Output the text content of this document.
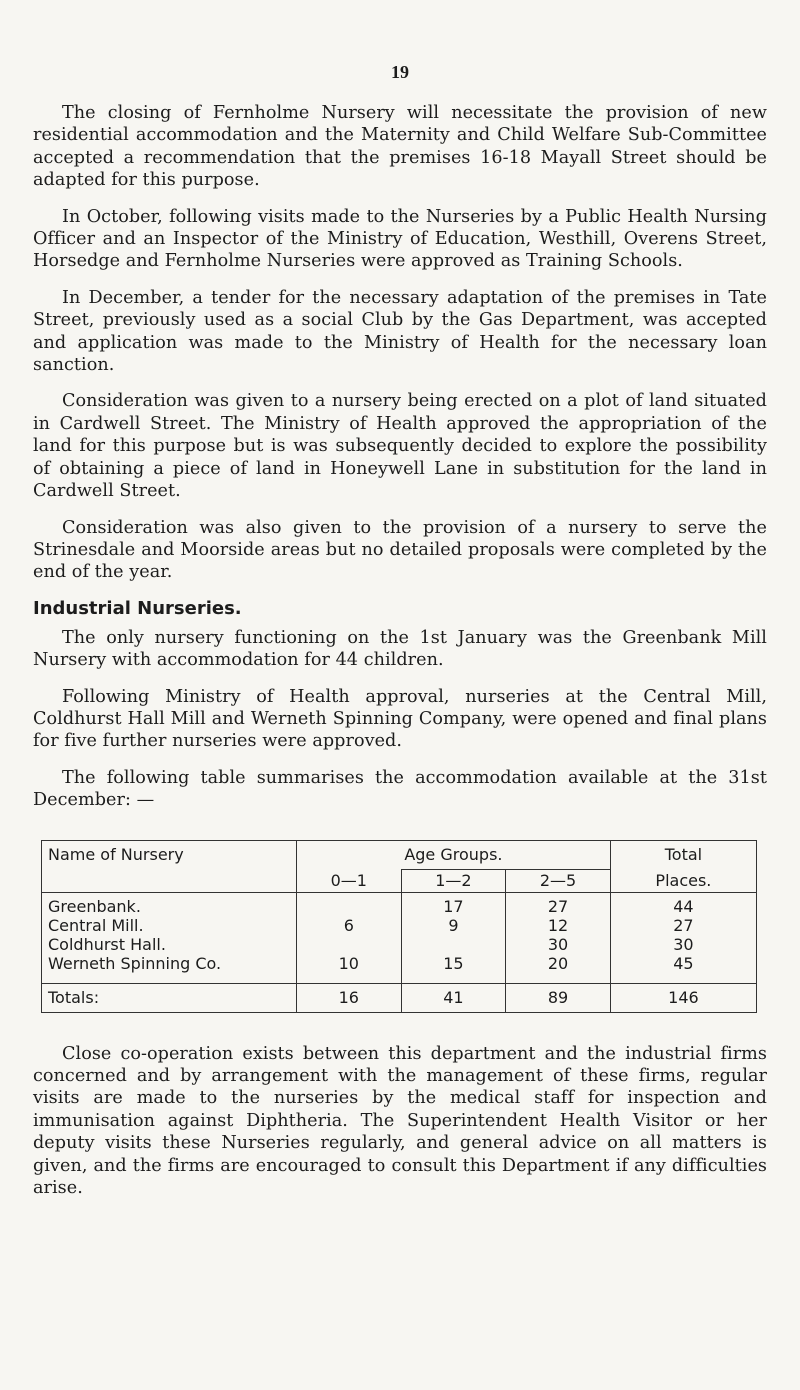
19

The closing of Fernholme Nursery will necessitate the provision of new residential accommodation and the Maternity and Child Welfare Sub-Committee accepted a recommendation that the premises 16-18 Mayall Street should be adapted for this purpose.

In October, following visits made to the Nurseries by a Public Health Nursing Officer and an Inspector of the Ministry of Education, Westhill, Overens Street, Horsedge and Fernholme Nurseries were approved as Training Schools.

In December, a tender for the necessary adaptation of the premises in Tate Street, previously used as a social Club by the Gas Department, was accepted and application was made to the Ministry of Health for the necessary loan sanction.

Consideration was given to a nursery being erected on a plot of land situated in Cardwell Street. The Ministry of Health approved the appropriation of the land for this purpose but is was subsequently decided to explore the possibility of obtaining a piece of land in Honeywell Lane in substitution for the land in Cardwell Street.

Consideration was also given to the provision of a nursery to serve the Strinesdale and Moorside areas but no detailed proposals were completed by the end of the year.

Industrial Nurseries.

The only nursery functioning on the 1st January was the Greenbank Mill Nursery with accommodation for 44 children.

Following Ministry of Health approval, nurseries at the Central Mill, Coldhurst Hall Mill and Werneth Spinning Company, were opened and final plans for five further nurseries were approved.

The following table summarises the accommodation available at the 31st December: —

Name of Nursery	Age Groups.			Total
	0—1	1—2	2—5	Places.
Greenbank.		17	27	44
Central Mill.	6	9	12	27
Coldhurst Hall.			30	30
Werneth Spinning Co.	10	15	20	45
Totals:	16	41	89	146

Close co-operation exists between this department and the industrial firms concerned and by arrangement with the management of these firms, regular visits are made to the nurseries by the medical staff for inspection and immunisation against Diphtheria. The Superintendent Health Visitor or her deputy visits these Nurseries regularly, and general advice on all matters is given, and the firms are encouraged to consult this Department if any difficulties arise.
